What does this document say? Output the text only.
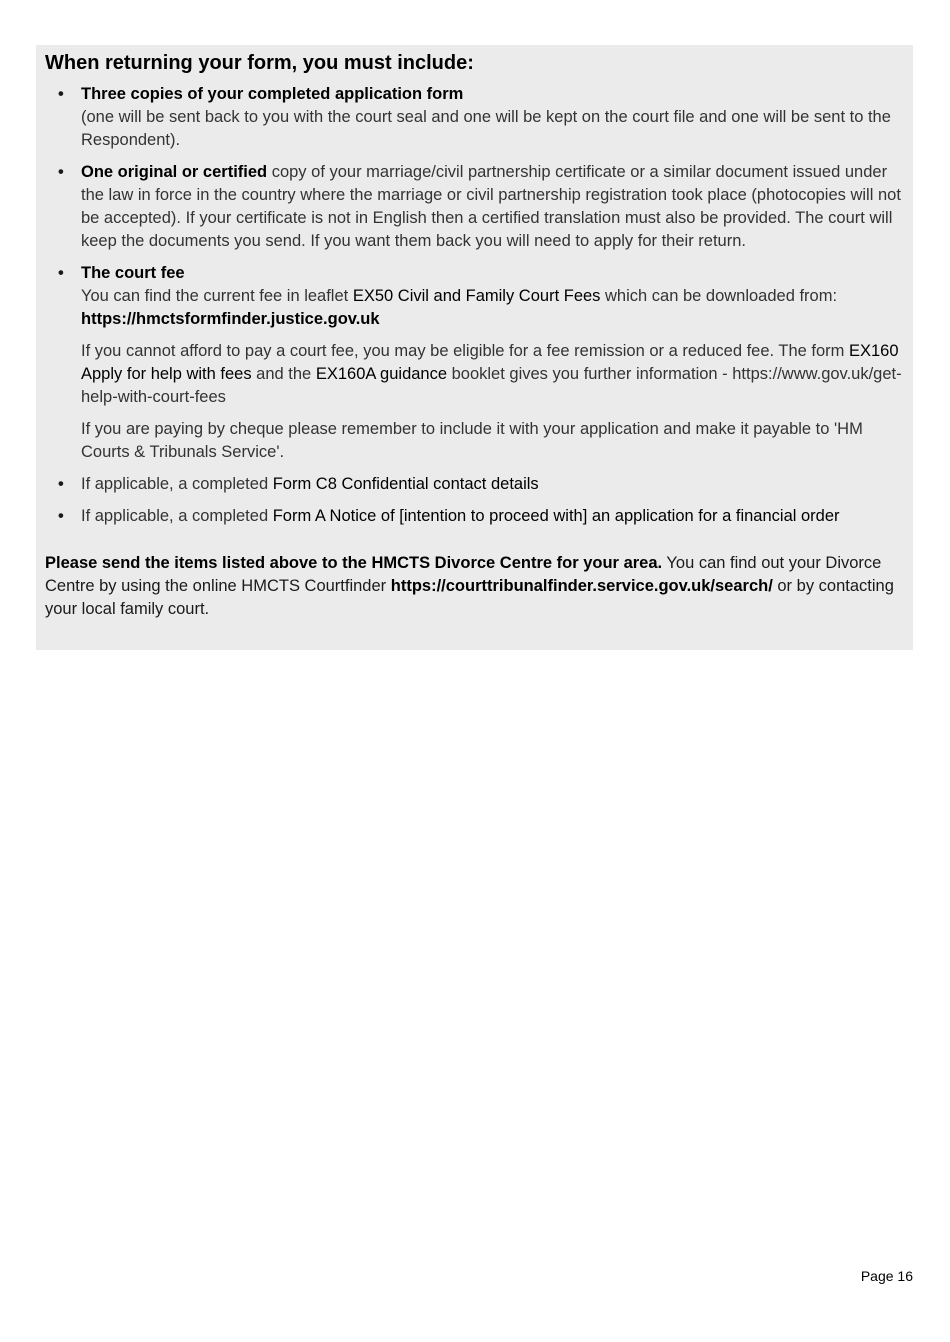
When returning your form, you must include:
• Three copies of your completed application form
(one will be sent back to you with the court seal and one will be kept on the court file and one will be sent to the Respondent).
• One original or certified copy of your marriage/civil partnership certificate or a similar document issued under the law in force in the country where the marriage or civil partnership registration took place (photocopies will not be accepted). If your certificate is not in English then a certified translation must also be provided. The court will keep the documents you send. If you want them back you will need to apply for their return.
• The court fee
You can find the current fee in leaflet EX50 Civil and Family Court Fees which can be downloaded from:
https://hmctsformfinder.justice.gov.uk
If you cannot afford to pay a court fee, you may be eligible for a fee remission or a reduced fee. The form EX160 Apply for help with fees and the EX160A guidance booklet gives you further information - https://www.gov.uk/get-help-with-court-fees
If you are paying by cheque please remember to include it with your application and make it payable to 'HM Courts & Tribunals Service'.
• If applicable, a completed Form C8 Confidential contact details
• If applicable, a completed Form A Notice of [intention to proceed with] an application for a financial order
Please send the items listed above to the HMCTS Divorce Centre for your area. You can find out your Divorce Centre by using the online HMCTS Courtfinder https://courttribunalfinder.service.gov.uk/search/ or by contacting your local family court.
Page 16
